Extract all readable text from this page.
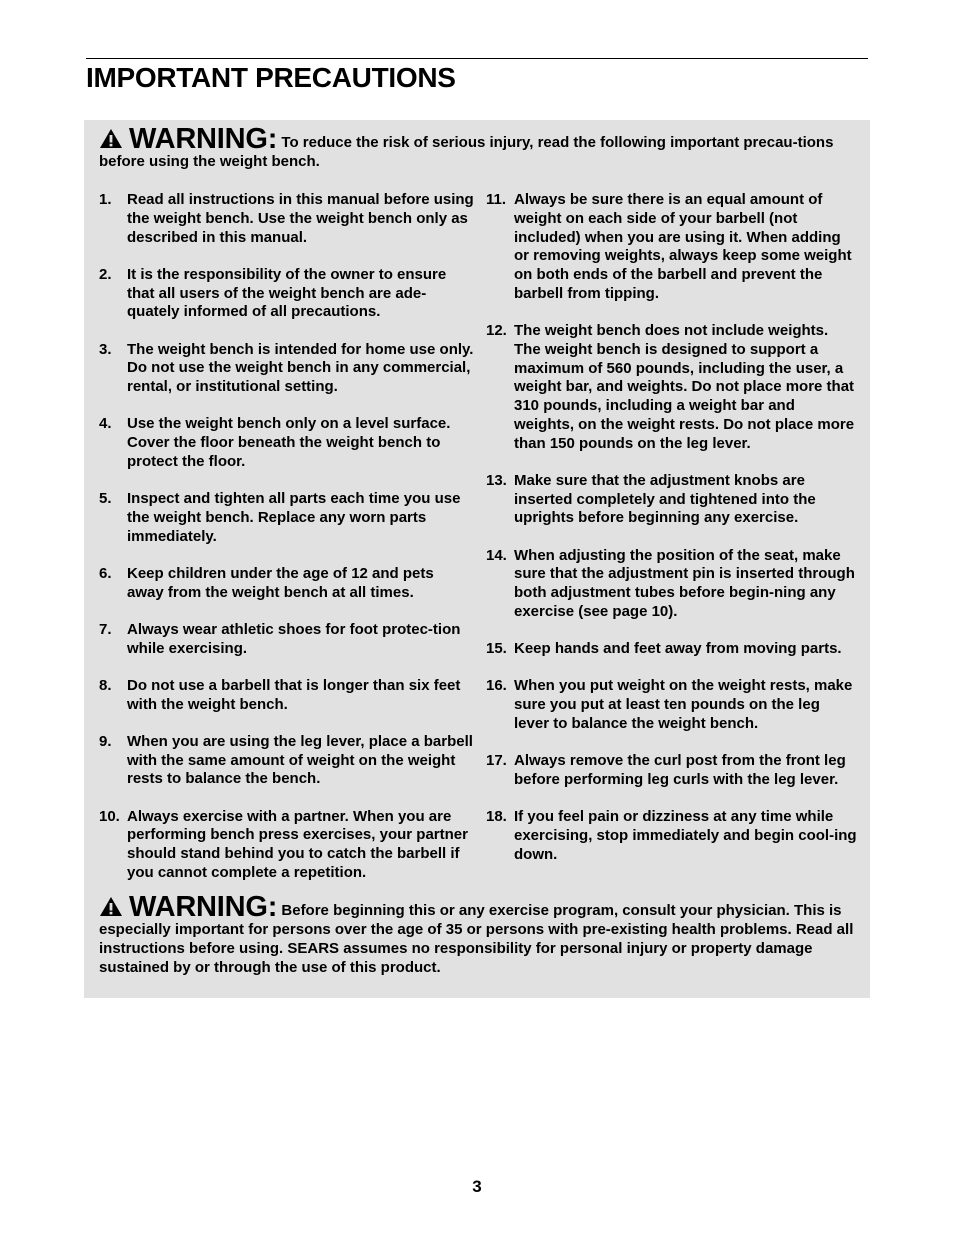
IMPORTANT PRECAUTIONS
WARNING: To reduce the risk of serious injury, read the following important precau-tions before using the weight bench.
1. Read all instructions in this manual before using the weight bench. Use the weight bench only as described in this manual.
2. It is the responsibility of the owner to ensure that all users of the weight bench are ade-quately informed of all precautions.
3. The weight bench is intended for home use only. Do not use the weight bench in any commercial, rental, or institutional setting.
4. Use the weight bench only on a level surface. Cover the floor beneath the weight bench to protect the floor.
5. Inspect and tighten all parts each time you use the weight bench. Replace any worn parts immediately.
6. Keep children under the age of 12 and pets away from the weight bench at all times.
7. Always wear athletic shoes for foot protec-tion while exercising.
8. Do not use a barbell that is longer than six feet with the weight bench.
9. When you are using the leg lever, place a barbell with the same amount of weight on the weight rests to balance the bench.
10. Always exercise with a partner. When you are performing bench press exercises, your partner should stand behind you to catch the barbell if you cannot complete a repetition.
11. Always be sure there is an equal amount of weight on each side of your barbell (not included) when you are using it. When adding or removing weights, always keep some weight on both ends of the barbell and prevent the barbell from tipping.
12. The weight bench does not include weights. The weight bench is designed to support a maximum of 560 pounds, including the user, a weight bar, and weights. Do not place more that 310 pounds, including a weight bar and weights, on the weight rests. Do not place more than 150 pounds on the leg lever.
13. Make sure that the adjustment knobs are inserted completely and tightened into the uprights before beginning any exercise.
14. When adjusting the position of the seat, make sure that the adjustment pin is inserted through both adjustment tubes before begin-ning any exercise (see page 10).
15. Keep hands and feet away from moving parts.
16. When you put weight on the weight rests, make sure you put at least ten pounds on the leg lever to balance the weight bench.
17. Always remove the curl post from the front leg before performing leg curls with the leg lever.
18. If you feel pain or dizziness at any time while exercising, stop immediately and begin cool-ing down.
WARNING: Before beginning this or any exercise program, consult your physician. This is especially important for persons over the age of 35 or persons with pre-existing health problems. Read all instructions before using. SEARS assumes no responsibility for personal injury or property damage sustained by or through the use of this product.
3
